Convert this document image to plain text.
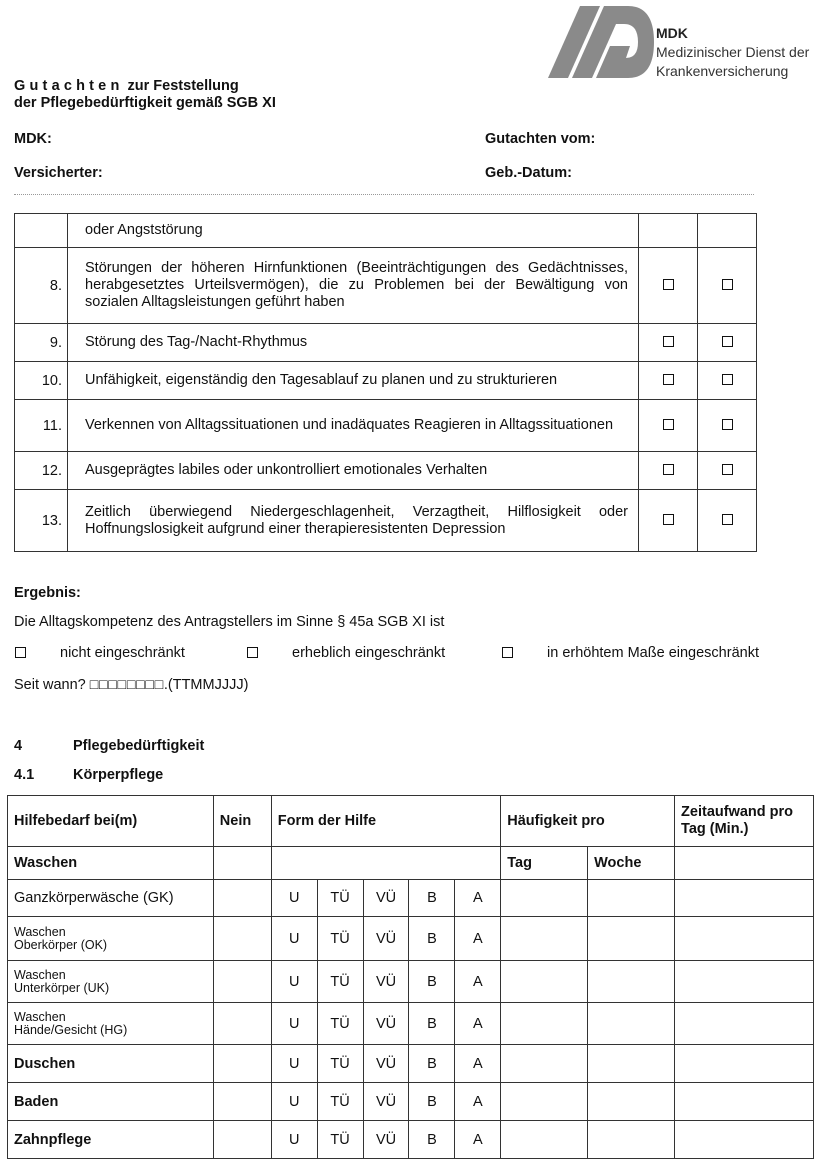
MDK
Medizinischer Dienst der
Krankenversicherung
Gutachten zur Feststellung
der Pflegebedürftigkeit gemäß SGB XI
MDK:	Gutachten vom:
Versicherter:	Geb.-Datum:
	oder Angststörung		
8.	Störungen der höheren Hirnfunktionen (Beeinträchtigungen des Gedächtnisses, herabgesetztes Urteilsvermögen), die zu Problemen bei der Bewältigung von sozialen Alltagsleistungen geführt haben		
9.	Störung des Tag-/Nacht-Rhythmus		
10.	Unfähigkeit, eigenständig den Tagesablauf zu planen und zu strukturieren		
11.	Verkennen von Alltagssituationen und inadäquates Reagieren in Alltagssituationen		
12.	Ausgeprägtes labiles oder unkontrolliert emotionales Verhalten		
13.	Zeitlich überwiegend Niedergeschlagenheit, Verzagtheit, Hilflosigkeit oder Hoffnungslosigkeit aufgrund einer therapieresistenten Depression		
Ergebnis:
Die Alltagskompetenz des Antragstellers im Sinne § 45a SGB XI ist
nicht eingeschränkt	erheblich eingeschränkt	in erhöhtem Maße eingeschränkt
Seit wann? □□□□□□□□.(TTMMJJJJ)
4	Pflegebedürftigkeit
4.1	Körperpflege
Hilfebedarf bei(m)	Nein	Form der Hilfe					Häufigkeit pro		Zeitaufwand pro Tag (Min.)
Waschen							Tag	Woche	
Ganzkörperwäsche (GK)		U	TÜ	VÜ	B	A			

Waschen
Oberkörper (OK)		U	TÜ	VÜ	B	A			

Waschen
Unterkörper (UK)		U	TÜ	VÜ	B	A			

Waschen
Hände/Gesicht (HG)		U	TÜ	VÜ	B	A			
Duschen		U	TÜ	VÜ	B	A			
Baden		U	TÜ	VÜ	B	A			
Zahnpflege		U	TÜ	VÜ	B	A			
